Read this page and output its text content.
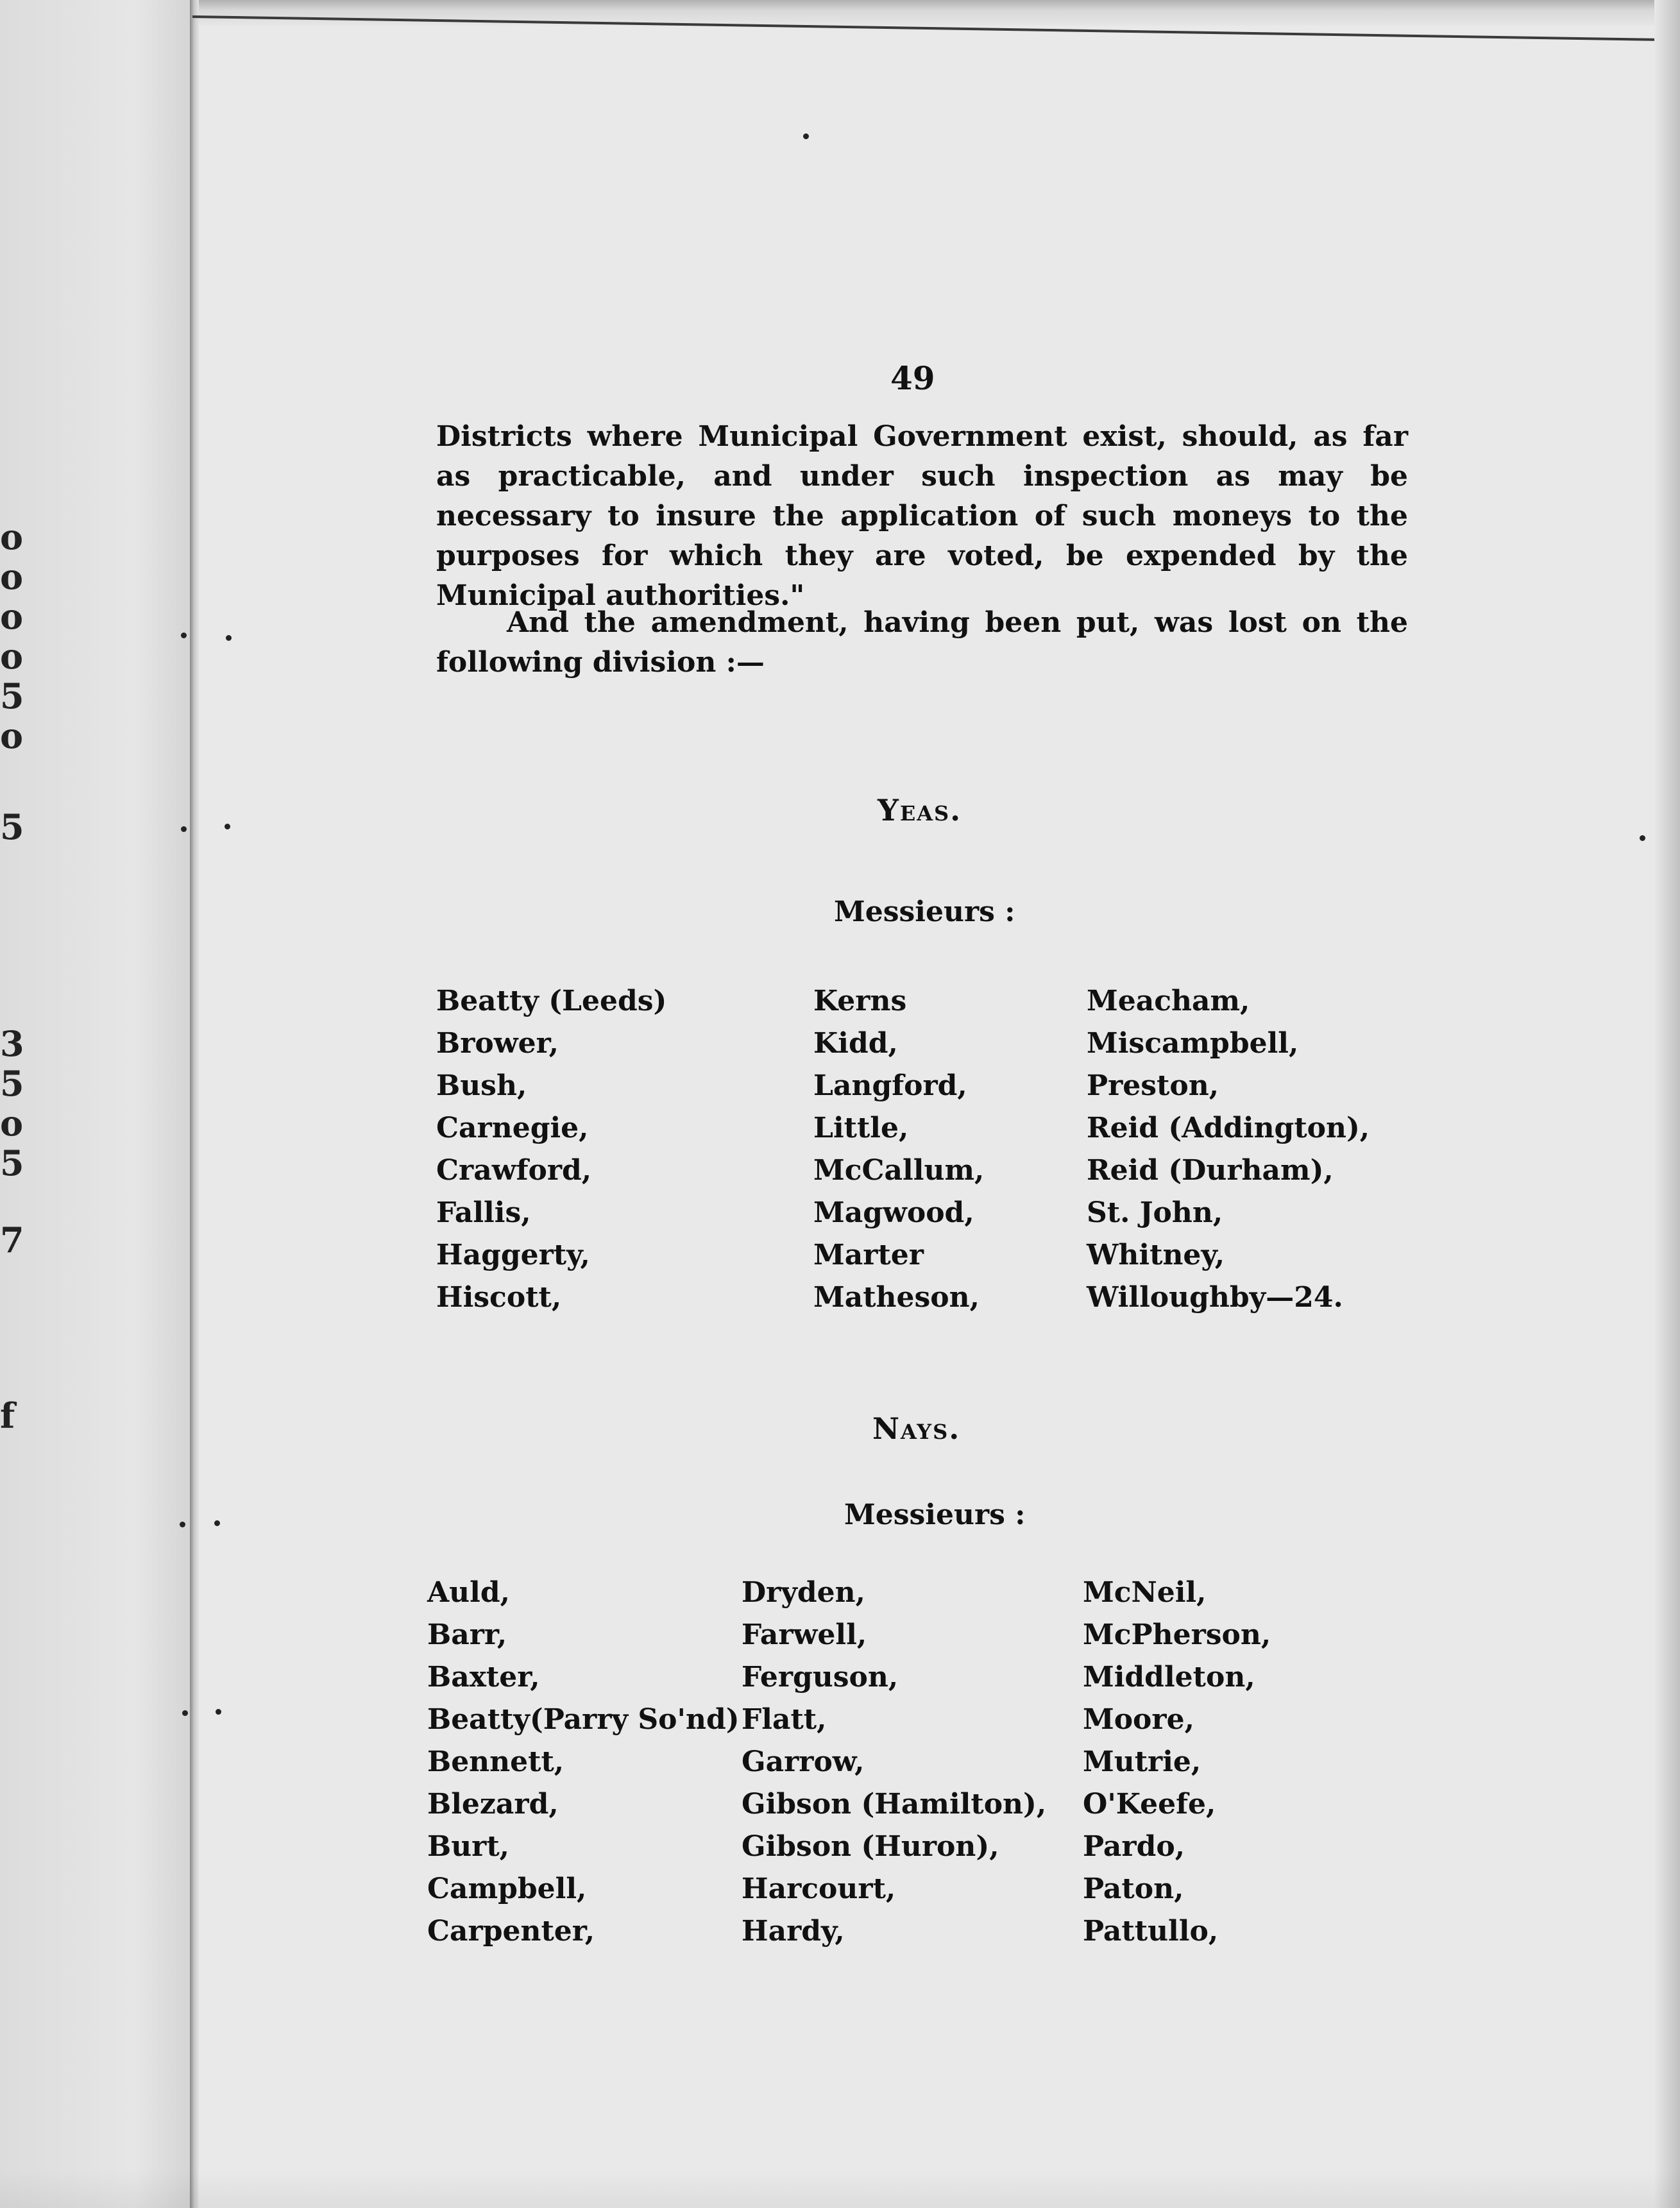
o
o
o
o
5
o
5
3
5
o
5
7
f
49

Districts where Municipal Government exist, should, as far as practicable, and under such inspection as may be necessary to insure the application of such moneys to the purposes for which they are voted, be expended by the Municipal authorities."

And the amendment, having been put, was lost on the following division :—

Yeas.
Messieurs :
Beatty (Leeds)
Brower,
Bush,
Carnegie,
Crawford,
Fallis,
Haggerty,
Hiscott,
Kerns
Kidd,
Langford,
Little,
McCallum,
Magwood,
Marter
Matheson,
Meacham,
Miscampbell,
Preston,
Reid (Addington),
Reid (Durham),
St. John,
Whitney,
Willoughby—24.

Nays.
Messieurs :
Auld,
Barr,
Baxter,
Beatty(Parry So'nd)
Bennett,
Blezard,
Burt,
Campbell,
Carpenter,
Dryden,
Farwell,
Ferguson,
Flatt,
Garrow,
Gibson (Hamilton),
Gibson (Huron),
Harcourt,
Hardy,
McNeil,
McPherson,
Middleton,
Moore,
Mutrie,
O'Keefe,
Pardo,
Paton,
Pattullo,
